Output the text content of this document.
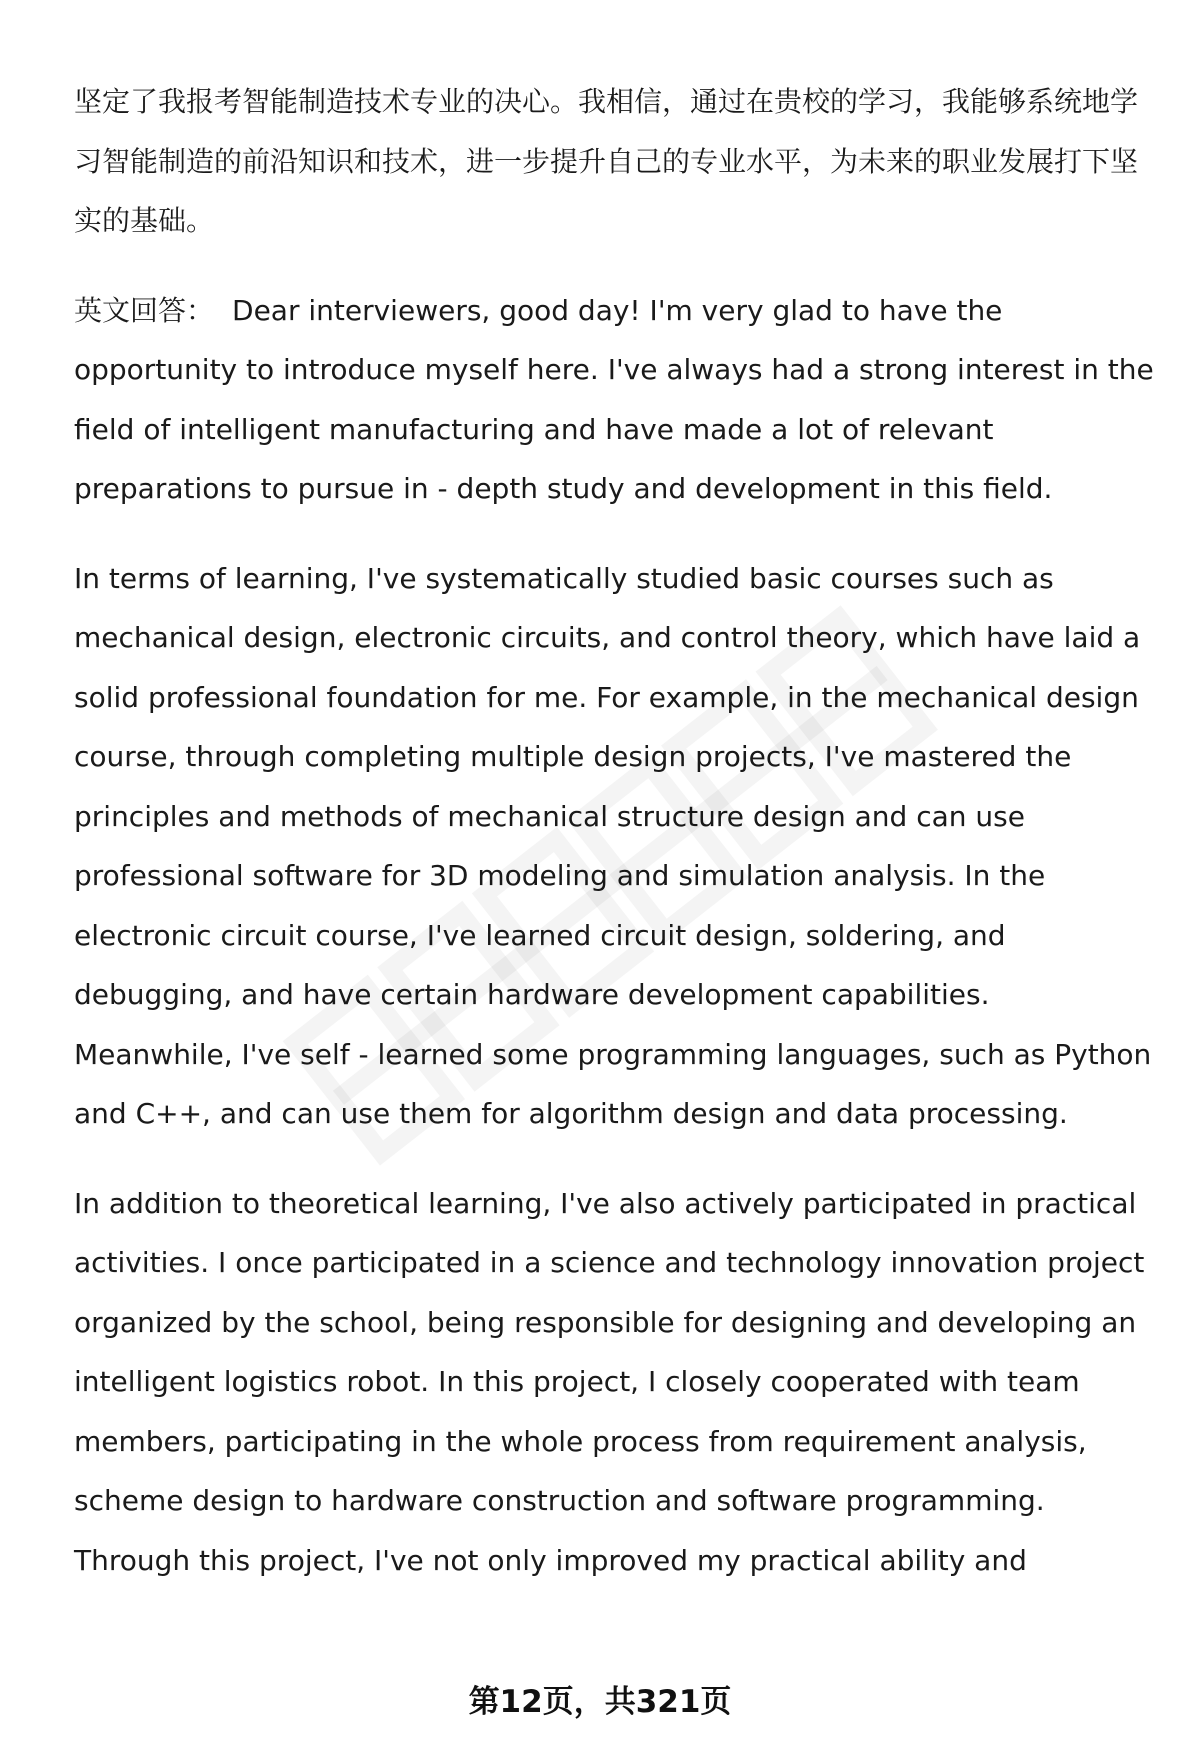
坚定了我报考智能制造技术专业的决心。我相信，通过在贵校的学习，我能够系统地学习智能制造的前沿知识和技术，进一步提升自己的专业水平，为未来的职业发展打下坚实的基础。

英文回答： Dear interviewers, good day! I'm very glad to have the opportunity to introduce myself here. I've always had a strong interest in the field of intelligent manufacturing and have made a lot of relevant preparations to pursue in - depth study and development in this field.

In terms of learning, I've systematically studied basic courses such as mechanical design, electronic circuits, and control theory, which have laid a solid professional foundation for me. For example, in the mechanical design course, through completing multiple design projects, I've mastered the principles and methods of mechanical structure design and can use professional software for 3D modeling and simulation analysis. In the electronic circuit course, I've learned circuit design, soldering, and debugging, and have certain hardware development capabilities. Meanwhile, I've self - learned some programming languages, such as Python and C++, and can use them for algorithm design and data processing.

In addition to theoretical learning, I've also actively participated in practical activities. I once participated in a science and technology innovation project organized by the school, being responsible for designing and developing an intelligent logistics robot. In this project, I closely cooperated with team members, participating in the whole process from requirement analysis, scheme design to hardware construction and software programming. Through this project, I've not only improved my practical ability and

第12页，共321页
